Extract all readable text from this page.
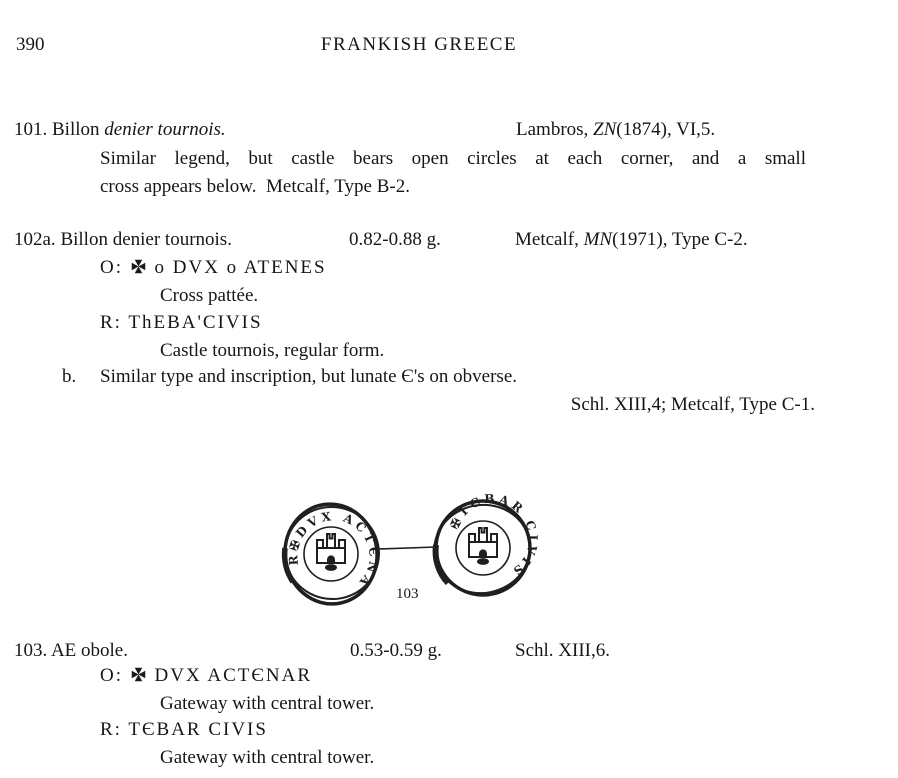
390	FRANKISH GREECE
101. Billon denier tournois.	Lambros, ZN(1874), VI,5.
Similar legend, but castle bears open circles at each corner, and a small
cross appears below.  Metcalf, Type B-2.
102a. Billon denier tournois.	0.82-0.88 g.	Metcalf, MN(1971), Type C-2.
O: o DVX o ATENES
Cross pattée.
R: ThEBA'CIVIS
Castle tournois, regular form.
b. Similar type and inscription, but lunate Є's on obverse.
Schl. XIII,4; Metcalf, Type C-1.
R✠DVX ACTЄNA
✠TЄBAR CIVIS
103
103. AE obole.	0.53-0.59 g.	Schl. XIII,6.
O: DVX ACTЄNAR
Gateway with central tower.
R: TЄBAR CIVIS
Gateway with central tower.
